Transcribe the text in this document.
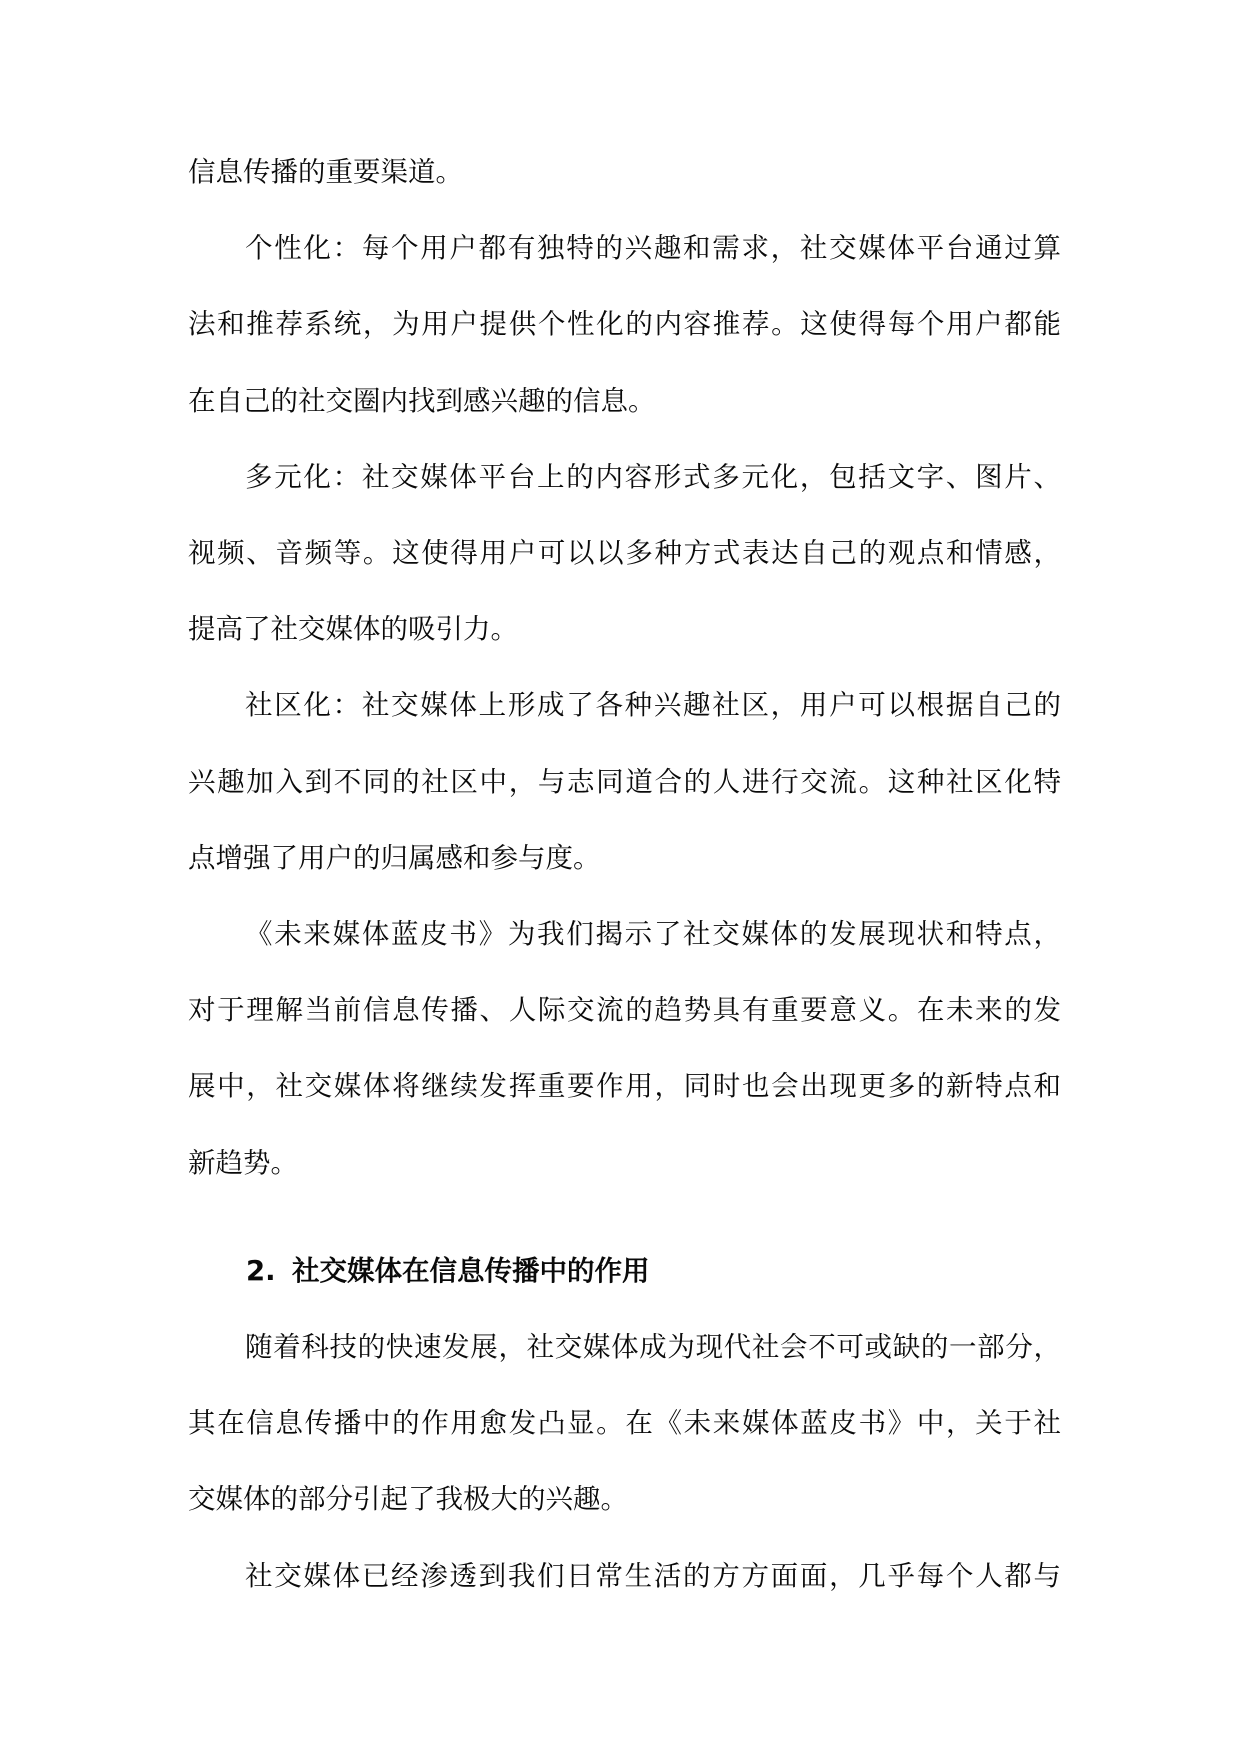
信息传播的重要渠道。
个性化：每个用户都有独特的兴趣和需求，社交媒体平台通过算
法和推荐系统，为用户提供个性化的内容推荐。这使得每个用户都能
在自己的社交圈内找到感兴趣的信息。
多元化：社交媒体平台上的内容形式多元化，包括文字、图片、
视频、音频等。这使得用户可以以多种方式表达自己的观点和情感，
提高了社交媒体的吸引力。
社区化：社交媒体上形成了各种兴趣社区，用户可以根据自己的
兴趣加入到不同的社区中，与志同道合的人进行交流。这种社区化特
点增强了用户的归属感和参与度。
《未来媒体蓝皮书》为我们揭示了社交媒体的发展现状和特点，
对于理解当前信息传播、人际交流的趋势具有重要意义。在未来的发
展中，社交媒体将继续发挥重要作用，同时也会出现更多的新特点和
新趋势。
2. 社交媒体在信息传播中的作用
随着科技的快速发展，社交媒体成为现代社会不可或缺的一部分，
其在信息传播中的作用愈发凸显。在《未来媒体蓝皮书》中，关于社
交媒体的部分引起了我极大的兴趣。
社交媒体已经渗透到我们日常生活的方方面面，几乎每个人都与
